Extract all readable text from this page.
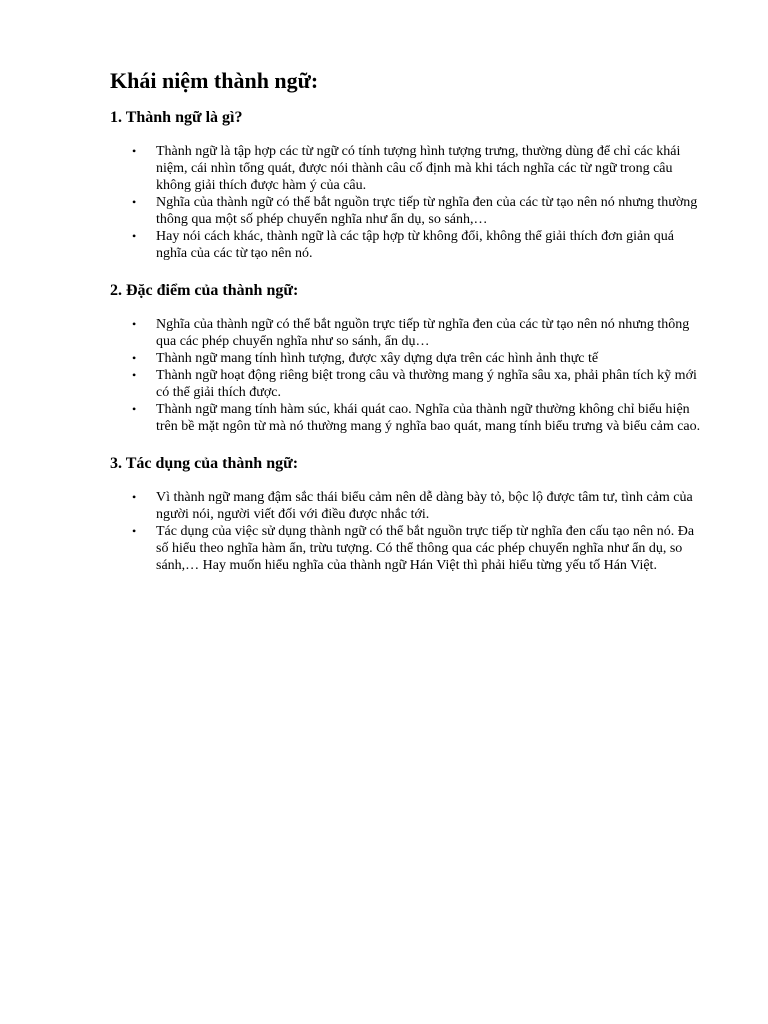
Khái niệm thành ngữ:
1. Thành ngữ là gì?
• Thành ngữ là tập hợp các từ ngữ có tính tượng hình tượng trưng, thường dùng để chỉ các khái niệm, cái nhìn tổng quát, được nói thành câu cố định mà khi tách nghĩa các từ ngữ trong câu không giải thích được hàm ý của câu.
• Nghĩa của thành ngữ có thể bắt nguồn trực tiếp từ nghĩa đen của các từ tạo nên nó nhưng thường thông qua một số phép chuyển nghĩa như ẩn dụ, so sánh,…
• Hay nói cách khác, thành ngữ là các tập hợp từ không đổi, không thể giải thích đơn giản quá nghĩa của các từ tạo nên nó.
2. Đặc điểm của thành ngữ:
• Nghĩa của thành ngữ có thể bắt nguồn trực tiếp từ nghĩa đen của các từ tạo nên nó nhưng thông qua các phép chuyển nghĩa như so sánh, ẩn dụ…
• Thành ngữ mang tính hình tượng, được xây dựng dựa trên các hình ảnh thực tế
• Thành ngữ hoạt động riêng biệt trong câu và thường mang ý nghĩa sâu xa, phải phân tích kỹ mới có thể giải thích được.
• Thành ngữ mang tính hàm súc, khái quát cao. Nghĩa của thành ngữ thường không chỉ biểu hiện trên bề mặt ngôn từ mà nó thường mang ý nghĩa bao quát, mang tính biểu trưng và biểu cảm cao.
3. Tác dụng của thành ngữ:
• Vì thành ngữ mang đậm sắc thái biểu cảm nên dễ dàng bày tỏ, bộc lộ được tâm tư, tình cảm của người nói, người viết đối với điều được nhắc tới.
• Tác dụng của việc sử dụng thành ngữ có thể bắt nguồn trực tiếp từ nghĩa đen cấu tạo nên nó. Đa số hiểu theo nghĩa hàm ẩn, trừu tượng. Có thể thông qua các phép chuyển nghĩa như ẩn dụ, so sánh,… Hay muốn hiểu nghĩa của thành ngữ Hán Việt thì phải hiểu từng yếu tố Hán Việt.
